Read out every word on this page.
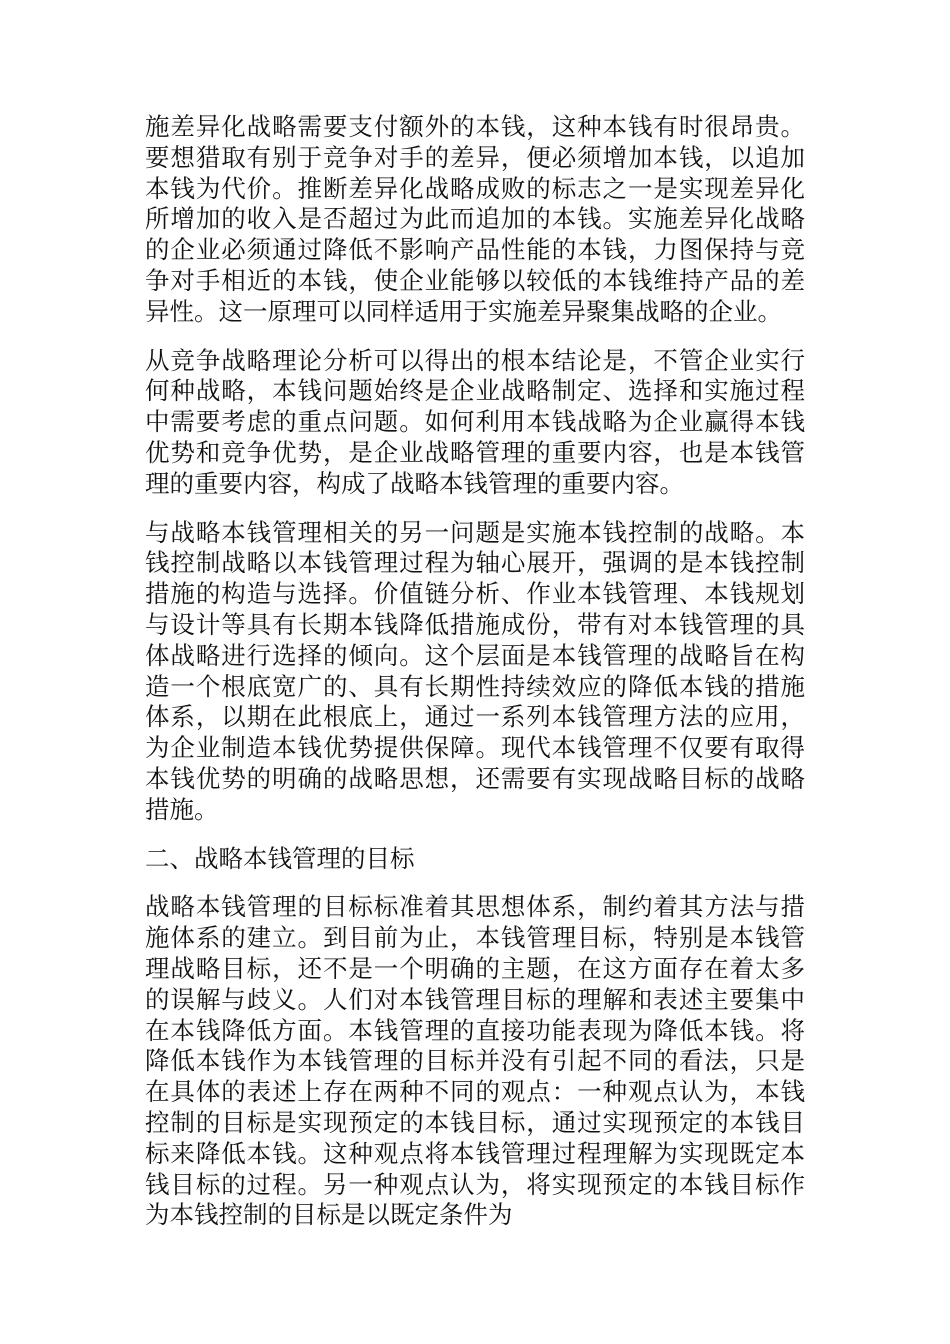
施差异化战略需要支付额外的本钱，这种本钱有时很昂贵。要想猎取有别于竞争对手的差异，便必须增加本钱，以追加本钱为代价。推断差异化战略成败的标志之一是实现差异化所增加的收入是否超过为此而追加的本钱。实施差异化战略的企业必须通过降低不影响产品性能的本钱，力图保持与竞争对手相近的本钱，使企业能够以较低的本钱维持产品的差异性。这一原理可以同样适用于实施差异聚集战略的企业。

从竞争战略理论分析可以得出的根本结论是，不管企业实行何种战略，本钱问题始终是企业战略制定、选择和实施过程中需要考虑的重点问题。如何利用本钱战略为企业赢得本钱优势和竞争优势，是企业战略管理的重要内容，也是本钱管理的重要内容，构成了战略本钱管理的重要内容。

与战略本钱管理相关的另一问题是实施本钱控制的战略。本钱控制战略以本钱管理过程为轴心展开，强调的是本钱控制措施的构造与选择。价值链分析、作业本钱管理、本钱规划与设计等具有长期本钱降低措施成份，带有对本钱管理的具体战略进行选择的倾向。这个层面是本钱管理的战略旨在构造一个根底宽广的、具有长期性持续效应的降低本钱的措施体系，以期在此根底上，通过一系列本钱管理方法的应用，为企业制造本钱优势提供保障。现代本钱管理不仅要有取得本钱优势的明确的战略思想，还需要有实现战略目标的战略措施。

二、战略本钱管理的目标

战略本钱管理的目标标准着其思想体系，制约着其方法与措施体系的建立。到目前为止，本钱管理目标，特别是本钱管理战略目标，还不是一个明确的主题，在这方面存在着太多的误解与歧义。人们对本钱管理目标的理解和表述主要集中在本钱降低方面。本钱管理的直接功能表现为降低本钱。将降低本钱作为本钱管理的目标并没有引起不同的看法，只是在具体的表述上存在两种不同的观点：一种观点认为，本钱控制的目标是实现预定的本钱目标，通过实现预定的本钱目标来降低本钱。这种观点将本钱管理过程理解为实现既定本钱目标的过程。另一种观点认为，将实现预定的本钱目标作为本钱控制的目标是以既定条件为
